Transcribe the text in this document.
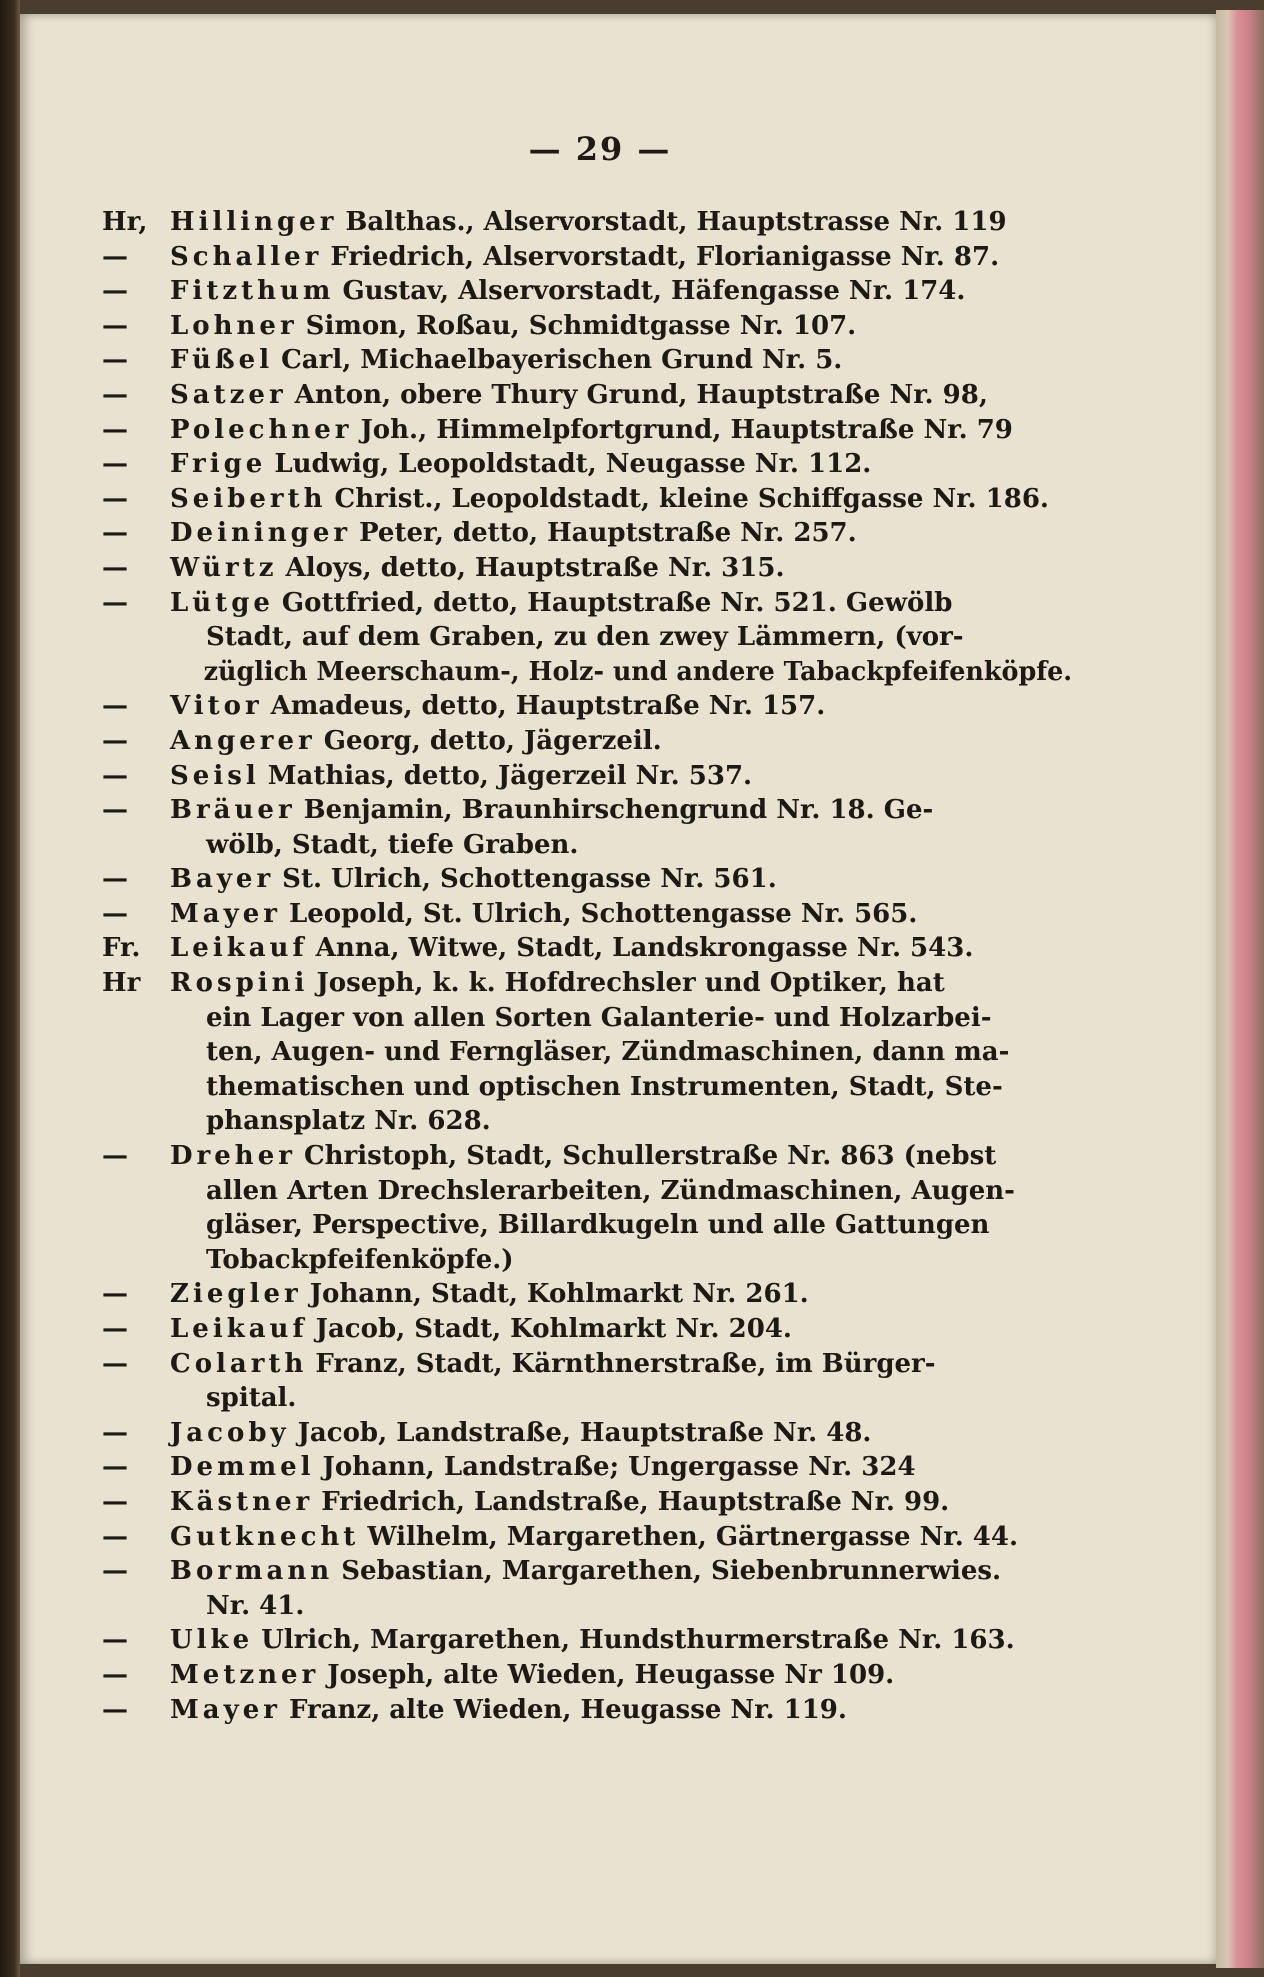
— 29 —
Hr, Hillinger Balthas., Alservorstadt, Hauptstrasse Nr. 119
— Schaller Friedrich, Alservorstadt, Florianigasse Nr. 87.
— Fitzthum Gustav, Alservorstadt, Häfengasse Nr. 174.
— Lohner Simon, Roßau, Schmidtgasse Nr. 107.
— Füßel Carl, Michaelbayerischen Grund Nr. 5.
— Satzer Anton, obere Thury Grund, Hauptstraße Nr. 98,
— Polechner Joh., Himmelpfortgrund, Hauptstraße Nr. 79
— Frige Ludwig, Leopoldstadt, Neugasse Nr. 112.
— Seiberth Christ., Leopoldstadt, kleine Schiffgasse Nr. 186.
— Deininger Peter, detto, Hauptstraße Nr. 257.
— Würtz Aloys, detto, Hauptstraße Nr. 315.
— Lütge Gottfried, detto, Hauptstraße Nr. 521. Gewölb
Stadt, auf dem Graben, zu den zwey Lämmern, (vor-
züglich Meerschaum-, Holz- und andere Tabackpfeifenköpfe.
— Vitor Amadeus, detto, Hauptstraße Nr. 157.
— Angerer Georg, detto, Jägerzeil.
— Seisl Mathias, detto, Jägerzeil Nr. 537.
— Bräuer Benjamin, Braunhirschengrund Nr. 18. Ge-
wölb, Stadt, tiefe Graben.
— Bayer St. Ulrich, Schottengasse Nr. 561.
— Mayer Leopold, St. Ulrich, Schottengasse Nr. 565.
Fr. Leikauf Anna, Witwe, Stadt, Landskrongasse Nr. 543.
Hr Rospini Joseph, k. k. Hofdrechsler und Optiker, hat
ein Lager von allen Sorten Galanterie- und Holzarbei-
ten, Augen- und Ferngläser, Zündmaschinen, dann ma-
thematischen und optischen Instrumenten, Stadt, Ste-
phansplatz Nr. 628.
— Dreher Christoph, Stadt, Schullerstraße Nr. 863 (nebst
allen Arten Drechslerarbeiten, Zündmaschinen, Augen-
gläser, Perspective, Billardkugeln und alle Gattungen
Tobackpfeifenköpfe.)
— Ziegler Johann, Stadt, Kohlmarkt Nr. 261.
— Leikauf Jacob, Stadt, Kohlmarkt Nr. 204.
— Colarth Franz, Stadt, Kärnthnerstraße, im Bürger-
spital.
— Jacoby Jacob, Landstraße, Hauptstraße Nr. 48.
— Demmel Johann, Landstraße; Ungergasse Nr. 324
— Kästner Friedrich, Landstraße, Hauptstraße Nr. 99.
— Gutknecht Wilhelm, Margarethen, Gärtnergasse Nr. 44.
— Bormann Sebastian, Margarethen, Siebenbrunnerwies.
Nr. 41.
— Ulke Ulrich, Margarethen, Hundsthurmerstraße Nr. 163.
— Metzner Joseph, alte Wieden, Heugasse Nr 109.
— Mayer Franz, alte Wieden, Heugasse Nr. 119.
